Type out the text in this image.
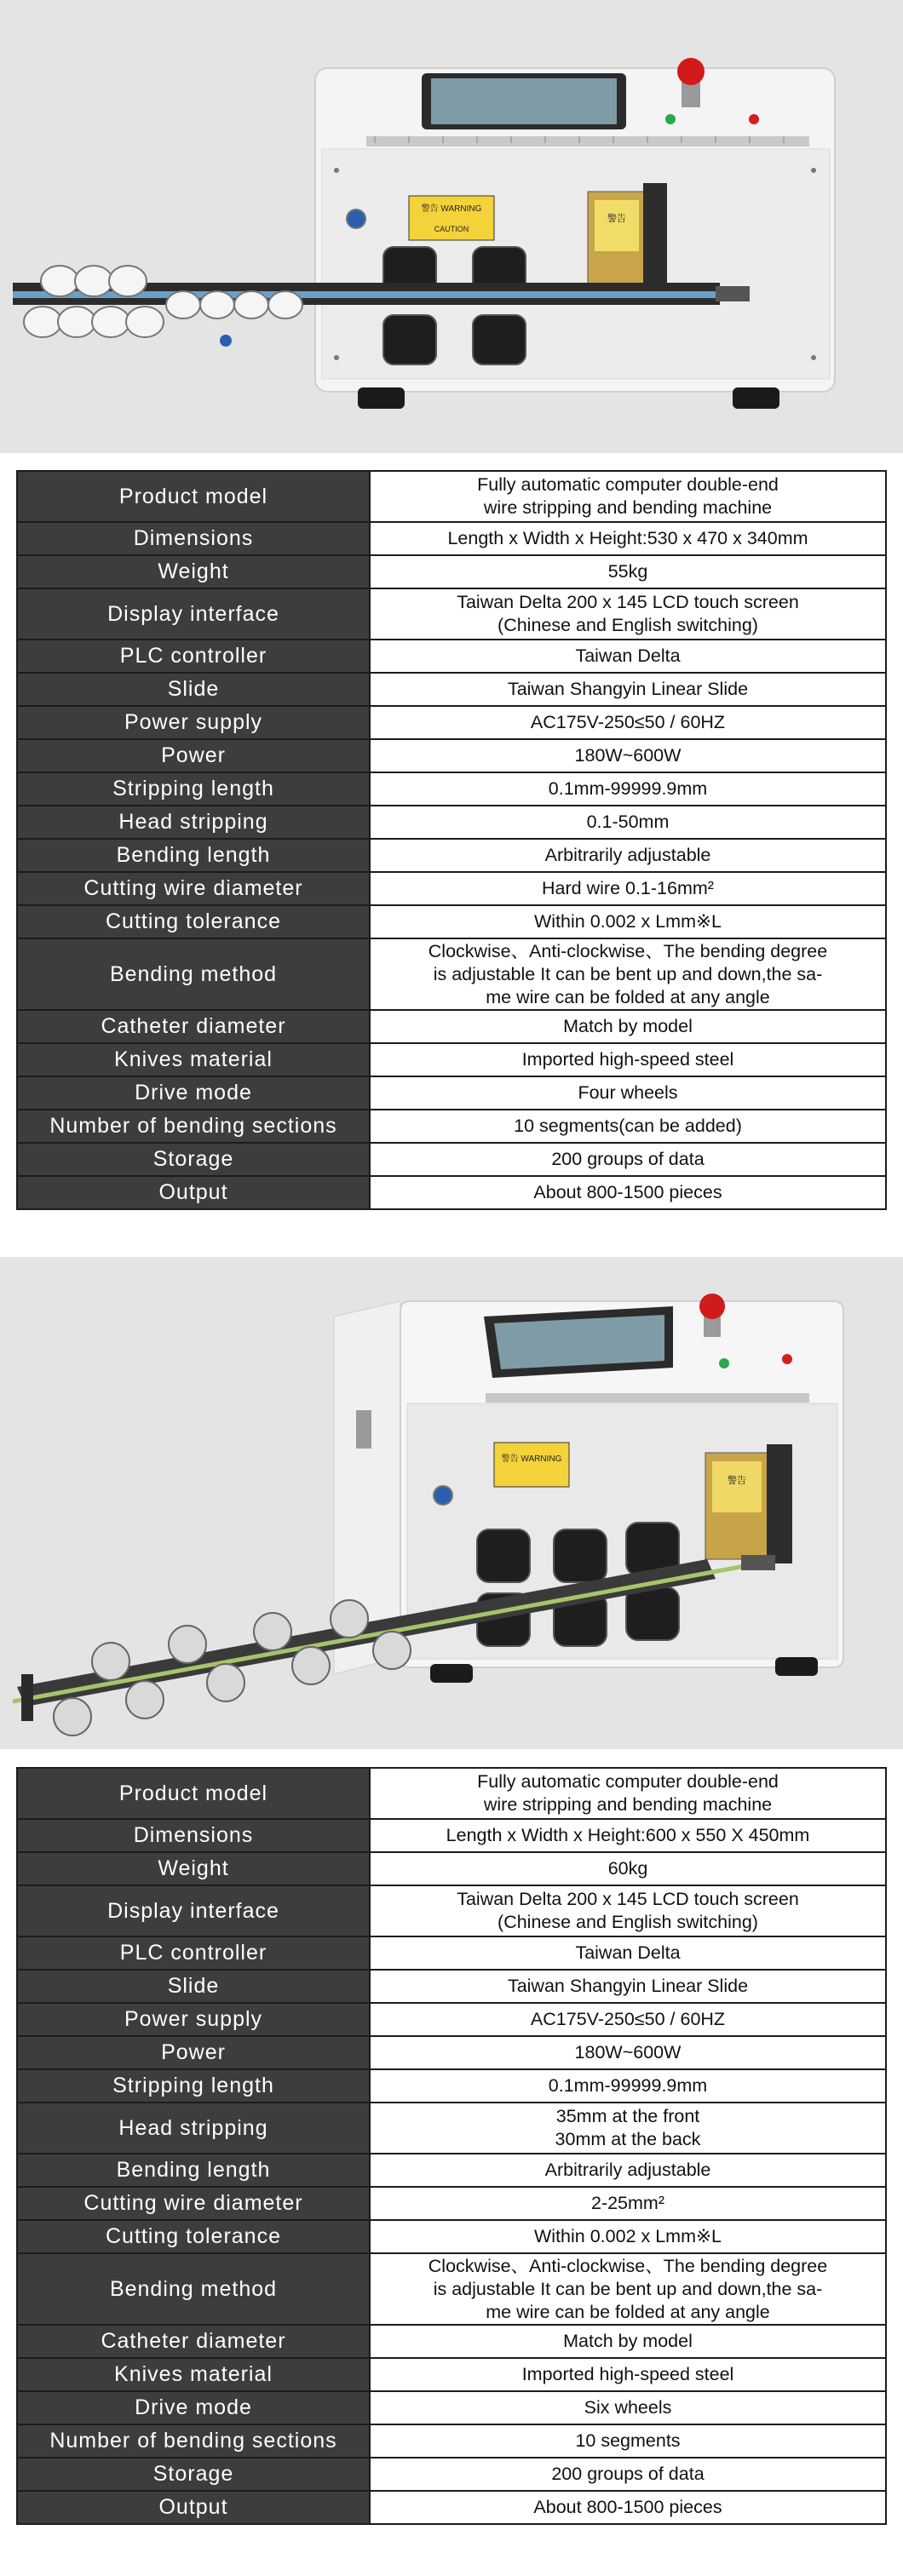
警告 WARNING
CAUTION
警告
Product model	Fully automatic computer double-end
wire stripping and bending machine

Dimensions	Length x Width x Height:530 x 470 x 340mm

Weight	55kg

Display interface	Taiwan Delta 200 x 145 LCD touch screen
(Chinese and English switching)

PLC controller	Taiwan Delta

Slide	Taiwan Shangyin Linear Slide

Power supply	AC175V-250≤50 / 60HZ

Power	180W~600W

Stripping length	0.1mm-99999.9mm

Head stripping	0.1-50mm

Bending length	Arbitrarily adjustable

Cutting wire diameter	Hard wire 0.1-16mm²

Cutting tolerance	Within 0.002 x Lmm※L

Bending method	Clockwise、Anti-clockwise、The bending degree
is adjustable It can be bent up and down,the sa-
me wire can be folded at any angle

Catheter diameter	Match by model

Knives material	Imported high-speed steel

Drive mode	Four wheels

Number of bending sections	10 segments(can be added)

Storage	200 groups of data

Output	About 800-1500 pieces
警告 WARNING
警告
Product model	Fully automatic computer double-end
wire stripping and bending machine

Dimensions	Length x Width x Height:600 x 550 X 450mm

Weight	60kg

Display interface	Taiwan Delta 200 x 145 LCD touch screen
(Chinese and English switching)

PLC controller	Taiwan Delta

Slide	Taiwan Shangyin Linear Slide

Power supply	AC175V-250≤50 / 60HZ

Power	180W~600W

Stripping length	0.1mm-99999.9mm

Head stripping	35mm at the front
30mm at the back

Bending length	Arbitrarily adjustable

Cutting wire diameter	2-25mm²

Cutting tolerance	Within 0.002 x Lmm※L

Bending method	Clockwise、Anti-clockwise、The bending degree
is adjustable It can be bent up and down,the sa-
me wire can be folded at any angle

Catheter diameter	Match by model

Knives material	Imported high-speed steel

Drive mode	Six wheels

Number of bending sections	10 segments

Storage	200 groups of data

Output	About 800-1500 pieces
